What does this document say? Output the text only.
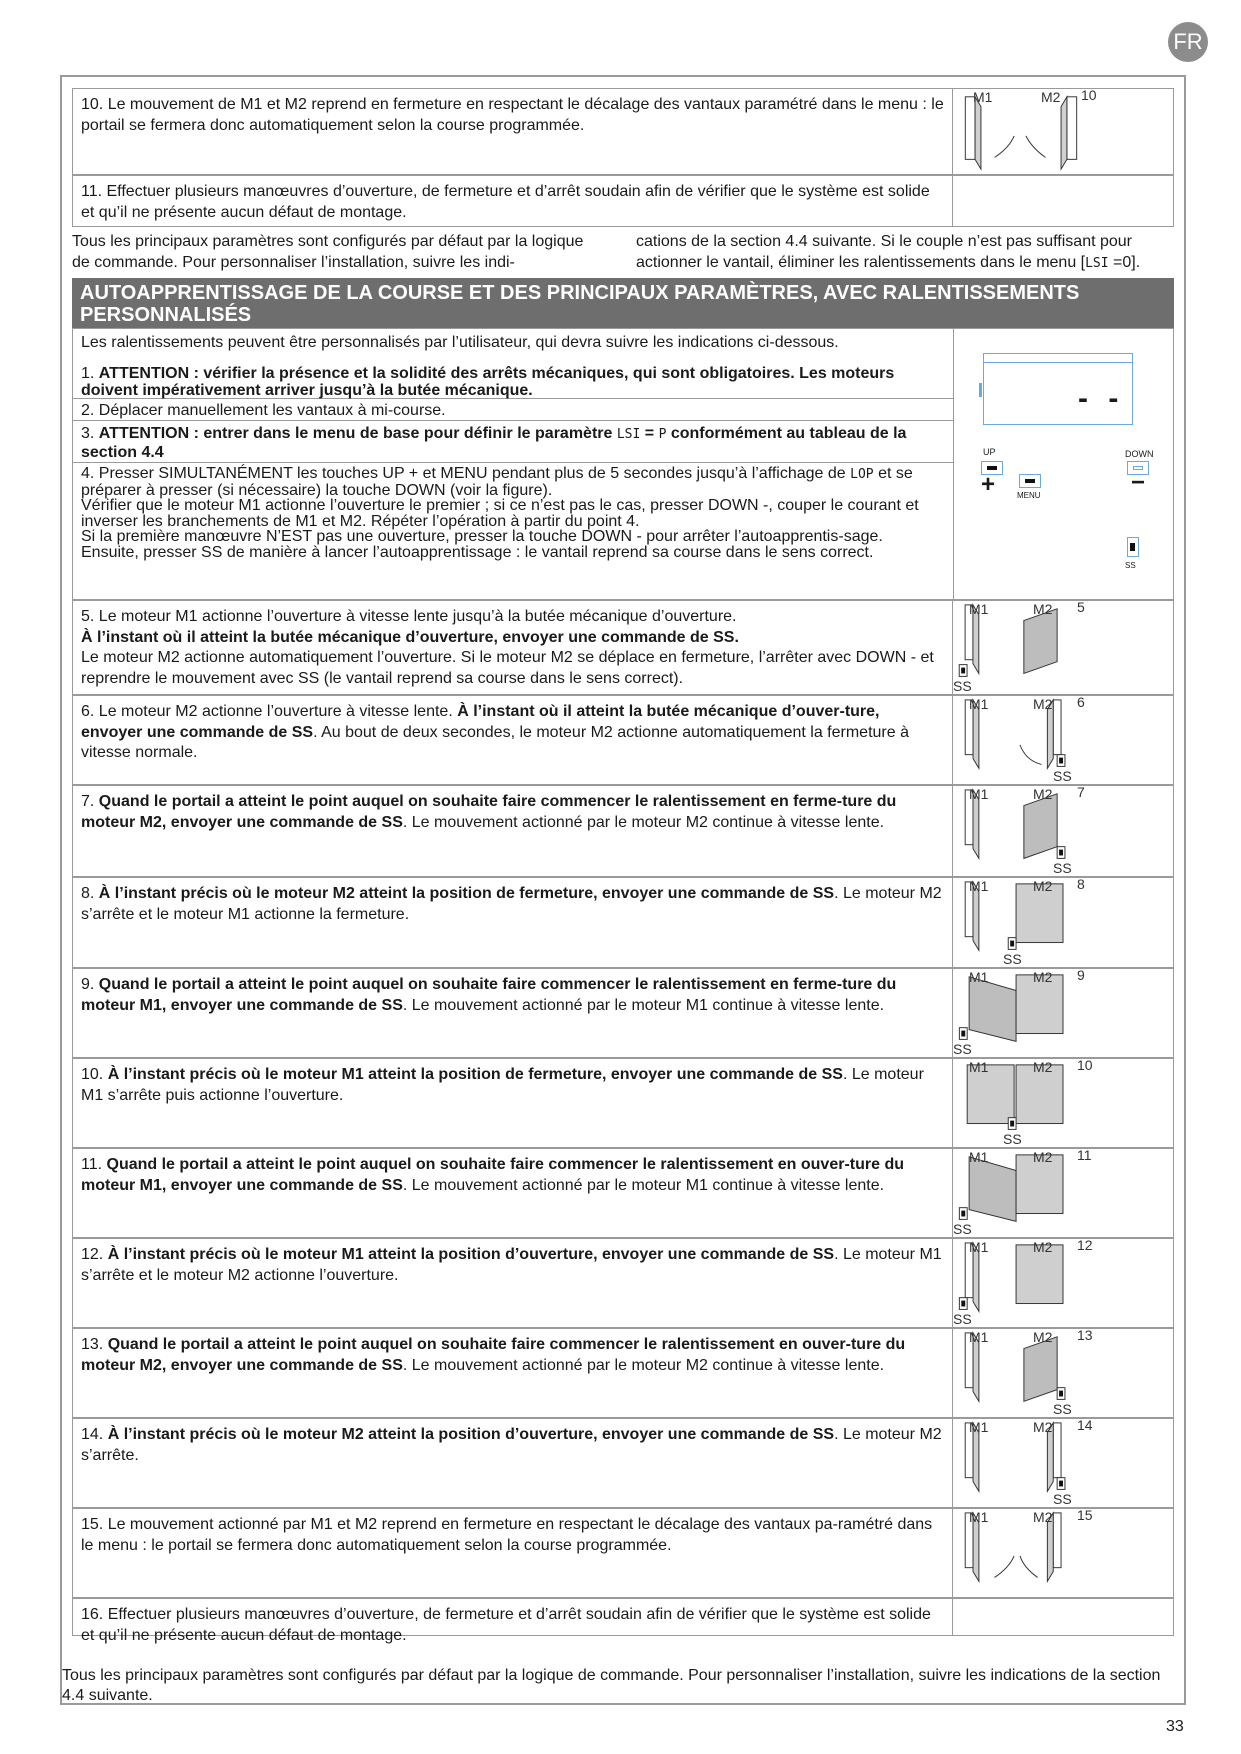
FR
10. Le mouvement de M1 et M2 reprend en fermeture en respectant le décalage des vantaux paramétré dans le menu : le portail se fermera donc automatiquement selon la course programmée.
M1	M2 10
11. Effectuer plusieurs manœuvres d’ouverture, de fermeture et d’arrêt soudain afin de vérifier que le système est solide et qu’il ne présente aucun défaut de montage.
Tous les principaux paramètres sont configurés par défaut par la logique de commande. Pour personnaliser l’installation, suivre les indi-
cations de la section 4.4 suivante. Si le couple n’est pas suffisant pour actionner le vantail, éliminer les ralentissements dans le menu [LSI =0].
AUTOAPPRENTISSAGE DE LA COURSE ET DES PRINCIPAUX PARAMÈTRES, AVEC RALENTISSEMENTS PERSONNALISÉS
Les ralentissements peuvent être personnalisés par l’utilisateur, qui devra suivre les indications ci-dessous.
1. ATTENTION : vérifier la présence et la solidité des arrêts mécaniques, qui sont obligatoires. Les moteurs doivent impérativement arriver jusqu’à la butée mécanique.
2. Déplacer manuellement les vantaux à mi-course.
3. ATTENTION : entrer dans le menu de base pour définir le paramètre LSI = P conformément au tableau de la section 4.4
4. Presser SIMULTANÉMENT les touches UP + et MENU pendant plus de 5 secondes jusqu’à l’affichage de LOP et se préparer à presser (si nécessaire) la touche DOWN (voir la figure).
Vérifier que le moteur M1 actionne l’ouverture le premier ; si ce n’est pas le cas, presser DOWN -, couper le courant et inverser les branchements de M1 et M2. Répéter l’opération à partir du point 4.
Si la première manœuvre N’EST pas une ouverture, presser la touche DOWN - pour arrêter l’autoapprentis-sage. Ensuite, presser SS de manière à lancer l’autoapprentissage : le vantail reprend sa course dans le sens correct.
- -
UP
+	MENU
DOWN
−
SS
5. Le moteur M1 actionne l’ouverture à vitesse lente jusqu’à la butée mécanique d’ouverture.
À l’instant où il atteint la butée mécanique d’ouverture, envoyer une commande de SS.
Le moteur M2 actionne automatiquement l’ouverture. Si le moteur M2 se déplace en fermeture, l’arrêter avec DOWN - et reprendre le mouvement avec SS (le vantail reprend sa course dans le sens correct).
M1	M2 5
SS
6. Le moteur M2 actionne l’ouverture à vitesse lente. À l’instant où il atteint la butée mécanique d’ouver-ture, envoyer une commande de SS. Au bout de deux secondes, le moteur M2 actionne automatiquement la fermeture à vitesse normale.
M1	M2 6
SS
7. Quand le portail a atteint le point auquel on souhaite faire commencer le ralentissement en ferme-ture du moteur M2, envoyer une commande de SS. Le mouvement actionné par le moteur M2 continue à vitesse lente.
M1	M2 7
SS
8. À l’instant précis où le moteur M2 atteint la position de fermeture, envoyer une commande de SS. Le moteur M2 s’arrête et le moteur M1 actionne la fermeture.
M1	M2 8
SS
9. Quand le portail a atteint le point auquel on souhaite faire commencer le ralentissement en ferme-ture du moteur M1, envoyer une commande de SS. Le mouvement actionné par le moteur M1 continue à vitesse lente.
M1	M2 9
SS
10. À l’instant précis où le moteur M1 atteint la position de fermeture, envoyer une commande de SS. Le moteur M1 s’arrête puis actionne l’ouverture.
M1	M2 10
SS
11. Quand le portail a atteint le point auquel on souhaite faire commencer le ralentissement en ouver-ture du moteur M1, envoyer une commande de SS. Le mouvement actionné par le moteur M1 continue à vitesse lente.
M1	M2 11
SS
12. À l’instant précis où le moteur M1 atteint la position d’ouverture, envoyer une commande de SS. Le moteur M1 s’arrête et le moteur M2 actionne l’ouverture.
M1	M2 12
SS
13. Quand le portail a atteint le point auquel on souhaite faire commencer le ralentissement en ouver-ture du moteur M2, envoyer une commande de SS. Le mouvement actionné par le moteur M2 continue à vitesse lente.
M1	M2 13
SS
14. À l’instant précis où le moteur M2 atteint la position d’ouverture, envoyer une commande de SS. Le moteur M2 s’arrête.
M1	M2 14
SS
15. Le mouvement actionné par M1 et M2 reprend en fermeture en respectant le décalage des vantaux pa-ramétré dans le menu : le portail se fermera donc automatiquement selon la course programmée.
M1	M2 15
16. Effectuer plusieurs manœuvres d’ouverture, de fermeture et d’arrêt soudain afin de vérifier que le système est solide et qu’il ne présente aucun défaut de montage.
Tous les principaux paramètres sont configurés par défaut par la logique de commande. Pour personnaliser l’installation, suivre les indications de la section 4.4 suivante.
33
